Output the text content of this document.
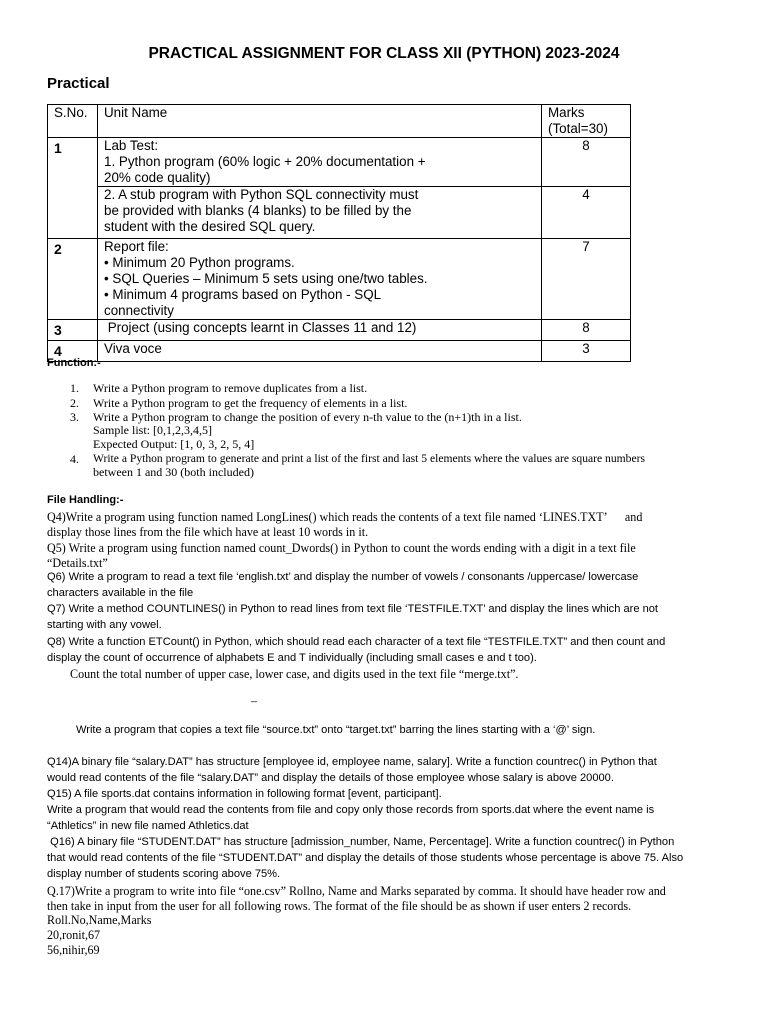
PRACTICAL ASSIGNMENT FOR CLASS XII (PYTHON) 2023-2024
Practical
S.No.	Unit Name	Marks
(Total=30)

1	Lab Test:
1. Python program (60% logic + 20% documentation +
20% code quality)	8

	2. A stub program with Python SQL connectivity must
be provided with blanks (4 blanks) to be filled by the
student with the desired SQL query.	4
2	Report file:
• Minimum 20 Python programs.
• SQL Queries – Minimum 5 sets using one/two tables.
• Minimum 4 programs based on Python - SQL
connectivity	7
3	Project (using concepts learnt in Classes 11 and 12)	8
4	Viva voce	3
Function:-
1. Write a Python program to remove duplicates from a list.
2. Write a Python program to get the frequency of elements in a list.
3. Write a Python program to change the position of every n-th value to the (n+1)th in a list.
Sample list: [0,1,2,3,4,5]
Expected Output: [1, 0, 3, 2, 5, 4]
4. Write a Python program to generate and print a list of the first and last 5 elements where the values are square numbers
between 1 and 30 (both included)
File Handling:-
Q4)Write a program using function named LongLines() which reads the contents of a text file named ‘LINES.TXT’      and
display those lines from the file which have at least 10 words in it.
Q5) Write a program using function named count_Dwords() in Python to count the words ending with a digit in a text file
“Details.txt”
Q6) Write a program to read a text file ‘english.txt’ and display the number of vowels / consonants /uppercase/ lowercase
characters available in the file
Q7) Write a method COUNTLINES() in Python to read lines from text file ‘TESTFILE.TXT’ and display the lines which are not
starting with any vowel.
Q8) Write a function ETCount() in Python, which should read each character of a text file “TESTFILE.TXT” and then count and
display the count of occurrence of alphabets E and T individually (including small cases e and t too).
Count the total number of upper case, lower case, and digits used in the text file “merge.txt”.
–
Write a program that copies a text file “source.txt” onto “target.txt” barring the lines starting with a ‘@’ sign.
Q14)A binary file “salary.DAT” has structure [employee id, employee name, salary]. Write a function countrec() in Python that
would read contents of the file “salary.DAT” and display the details of those employee whose salary is above 20000.
Q15) A file sports.dat contains information in following format [event, participant].
Write a program that would read the contents from file and copy only those records from sports.dat where the event name is
“Athletics” in new file named Athletics.dat
Q16) A binary file “STUDENT.DAT” has structure [admission_number, Name, Percentage]. Write a function countrec() in Python
that would read contents of the file “STUDENT.DAT” and display the details of those students whose percentage is above 75. Also
display number of students scoring above 75%.
Q.17)Write a program to write into file “one.csv” Rollno, Name and Marks separated by comma. It should have header row and
then take in input from the user for all following rows. The format of the file should be as shown if user enters 2 records.
Roll.No,Name,Marks
20,ronit,67
56,nihir,69
